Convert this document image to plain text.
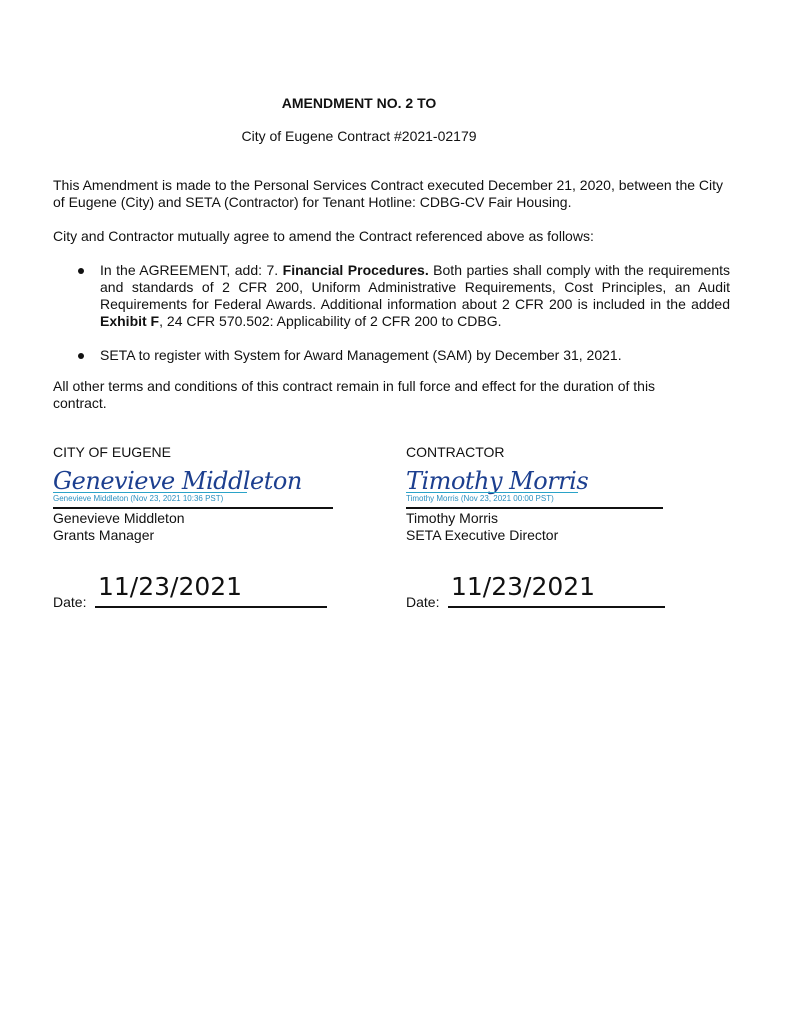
AMENDMENT NO. 2 TO
City of Eugene Contract #2021-02179
This Amendment is made to the Personal Services Contract executed December 21, 2020, between the City of Eugene (City) and SETA (Contractor) for Tenant Hotline: CDBG-CV Fair Housing.
City and Contractor mutually agree to amend the Contract referenced above as follows:
In the AGREEMENT, add: 7. Financial Procedures. Both parties shall comply with the requirements and standards of 2 CFR 200, Uniform Administrative Requirements, Cost Principles, an Audit Requirements for Federal Awards. Additional information about 2 CFR 200 is included in the added Exhibit F, 24 CFR 570.502: Applicability of 2 CFR 200 to CDBG.
SETA to register with System for Award Management (SAM) by December 31, 2021.
All other terms and conditions of this contract remain in full force and effect for the duration of this contract.
CITY OF EUGENE
Genevieve Middleton
Genevieve Middleton (Nov 23, 2021 10:36 PST)
Genevieve Middleton
Grants Manager
Date:
11/23/2021
CONTRACTOR
Timothy Morris
Timothy Morris (Nov 23, 2021 00:00 PST)
Timothy Morris
SETA Executive Director
Date:
11/23/2021
